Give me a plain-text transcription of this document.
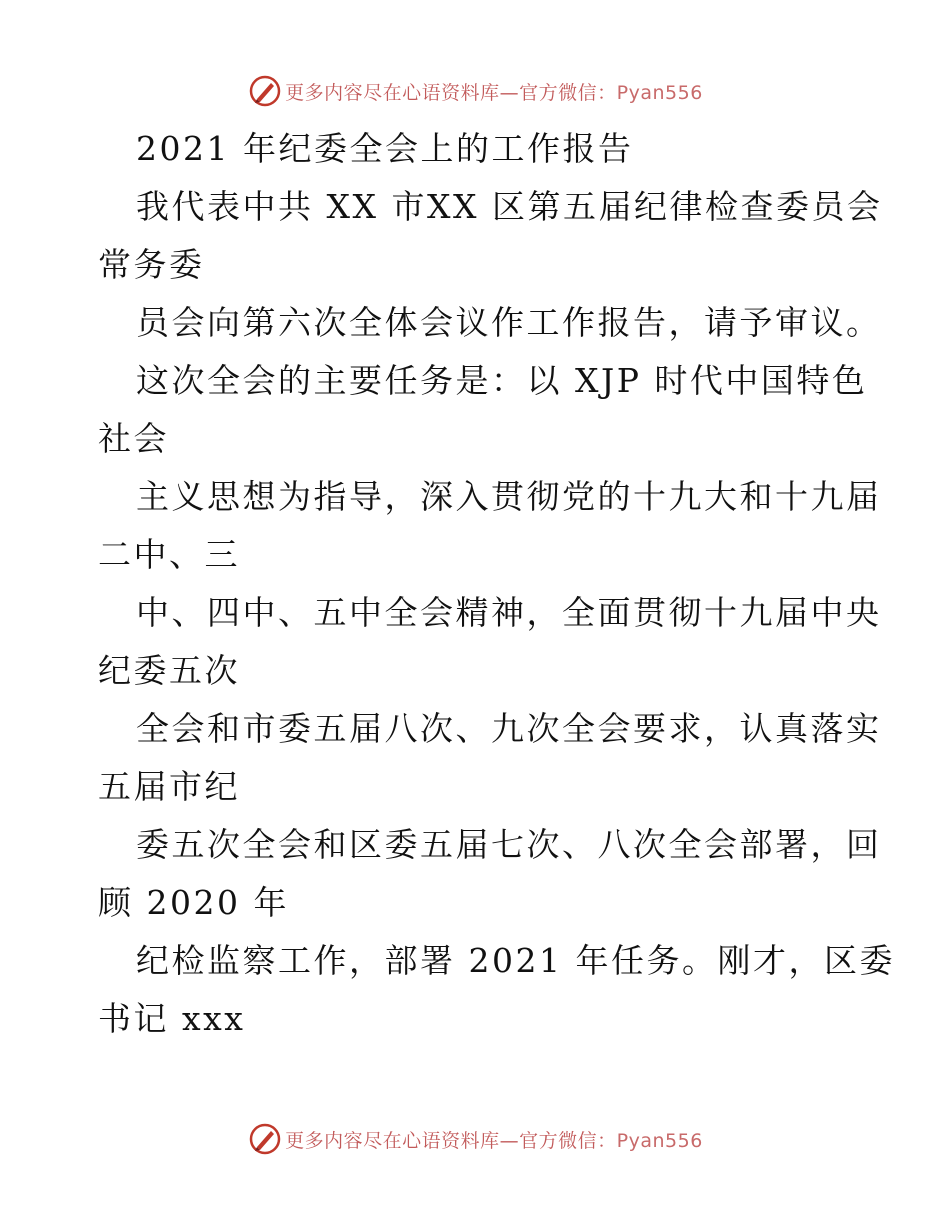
更多内容尽在心语资料库—官方微信：Pyan556
2021 年纪委全会上的工作报告
我代表中共 XX 市XX 区第五届纪律检查委员会
常务委
员会向第六次全体会议作工作报告，请予审议。
这次全会的主要任务是：以 XJP 时代中国特色
社会
主义思想为指导，深入贯彻党的十九大和十九届
二中、三
中、四中、五中全会精神，全面贯彻十九届中央
纪委五次
全会和市委五届八次、九次全会要求，认真落实
五届市纪
委五次全会和区委五届七次、八次全会部署，回
顾 2020 年
纪检监察工作，部署 2021 年任务。刚才，区委
书记 xxx
更多内容尽在心语资料库—官方微信：Pyan556
